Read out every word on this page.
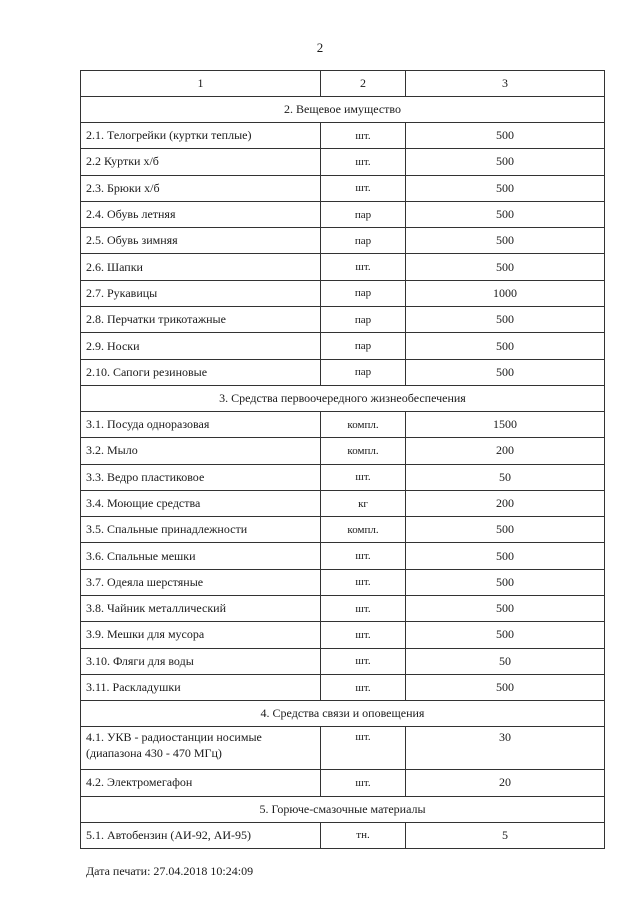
2
1	2	3
2. Вещевое имущество		
2.1. Телогрейки (куртки теплые)	шт.	500
2.2 Куртки х/б	шт.	500
2.3. Брюки х/б	шт.	500
2.4. Обувь летняя	пар	500
2.5. Обувь зимняя	пар	500
2.6. Шапки	шт.	500
2.7. Рукавицы	пар	1000
2.8. Перчатки трикотажные	пар	500
2.9. Носки	пар	500
2.10. Сапоги резиновые	пар	500
3. Средства первоочередного жизнеобеспечения		
3.1. Посуда одноразовая	компл.	1500
3.2. Мыло	компл.	200
3.3. Ведро пластиковое	шт.	50
3.4. Моющие средства	кг	200
3.5. Спальные принадлежности	компл.	500
3.6. Спальные мешки	шт.	500
3.7. Одеяла шерстяные	шт.	500
3.8. Чайник металлический	шт.	500
3.9. Мешки для мусора	шт.	500
3.10. Фляги для воды	шт.	50
3.11. Раскладушки	шт.	500
4. Средства связи и оповещения		

4.1. УКВ - радиостанции носимые
(диапазона 430 - 470 МГц)	шт.	30
4.2. Электромегафон	шт.	20
5. Горюче-смазочные материалы		
5.1. Автобензин (АИ-92, АИ-95)	тн.	5
Дата печати: 27.04.2018 10:24:09
